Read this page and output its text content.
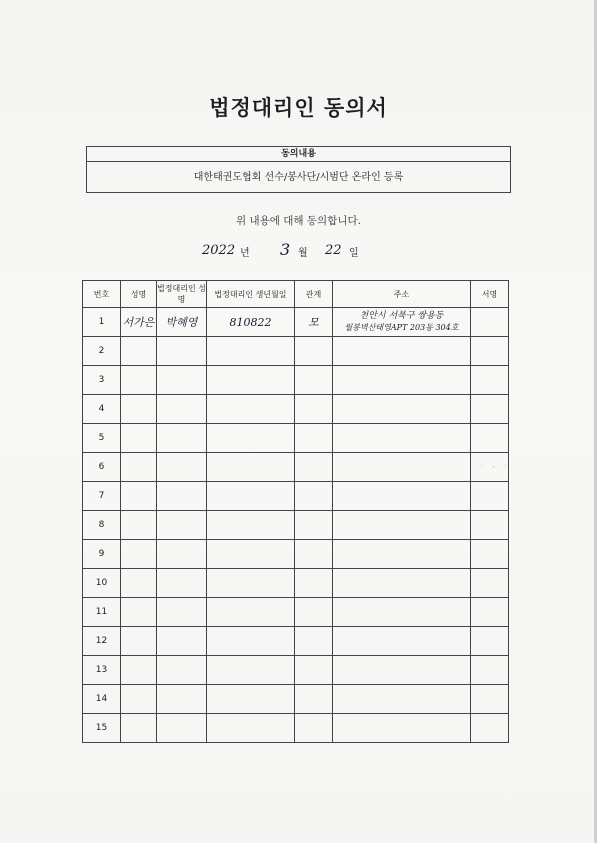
법정대리인 동의서
동의내용
대한태권도협회 선수/봉사단/시범단 온라인 등록
위 내용에 대해 동의합니다.
2022 년 3 월 22 일
번호	성명	법정대리인 성명	법정대리인 생년월일	관계	주소	서명
1	서가은	박혜영	810822	모	천안시 서북구 쌍용동
월봉벽산태영APT 203동 304호	

2						
3						
4						
5						
6						
7						
8						
9						
10						
11						
12						
13						
14						
15						
· ‑ ·
